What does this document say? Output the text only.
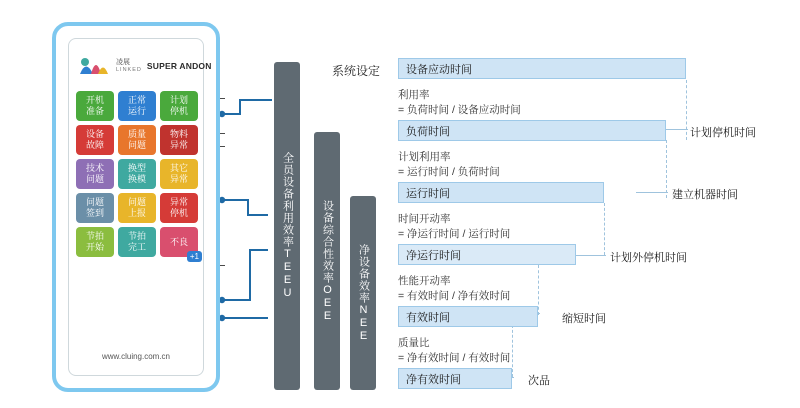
凌展
LINKED SUPER ANDON
开机
准备
正常
运行
计划
停机
设备
故障
质量
问题
物料
异常
技术
问题
换型
换模
其它
异常
问题
签到
问题
上报
异常
停机
节拍
开始
节拍
完工
不良
+1
www.cluing.com.cn
全员设备利用效率TEEU	设备综合性效率OEE 净设备效率NEE
系统设定	设备应动时间
负荷时间
运行时间
净运行时间
有效时间
净有效时间
利用率
= 负荷时间 / 设备应动时间
计划利用率
= 运行时间 / 负荷时间
时间开动率
= 净运行时间 / 运行时间
性能开动率
= 有效时间 / 净有效时间
质量比
= 净有效时间 / 有效时间
计划停机时间
建立机器时间
计划外停机时间
缩短时间
次品
